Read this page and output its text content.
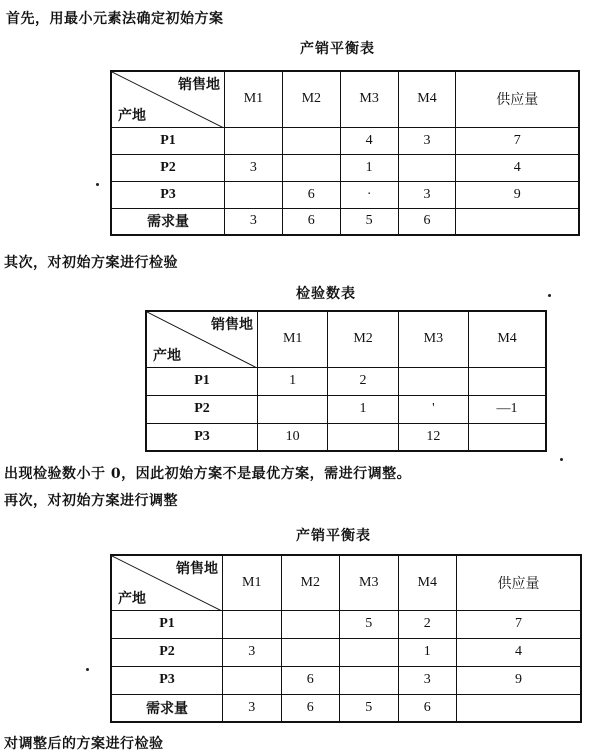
首先，用最小元素法确定初始方案
产销平衡表
销售地
产地	M1	M2	M3	M4	供应量
P1			4	3	7
P2	3		1		4
P3		6	·	3	9
需求量	3	6	5	6	
其次，对初始方案进行检验
检验数表
销售地
产地	M1	M2	M3	M4
P1	1	2		
P2		1	'	—1
P3	10		12	
出现检验数小于 0，因此初始方案不是最优方案，需进行调整。
再次，对初始方案进行调整
产销平衡表
销售地
产地	M1	M2	M3	M4	供应量
P1			5	2	7
P2	3			1	4
P3		6		3	9
需求量	3	6	5	6	
对调整后的方案进行检验
